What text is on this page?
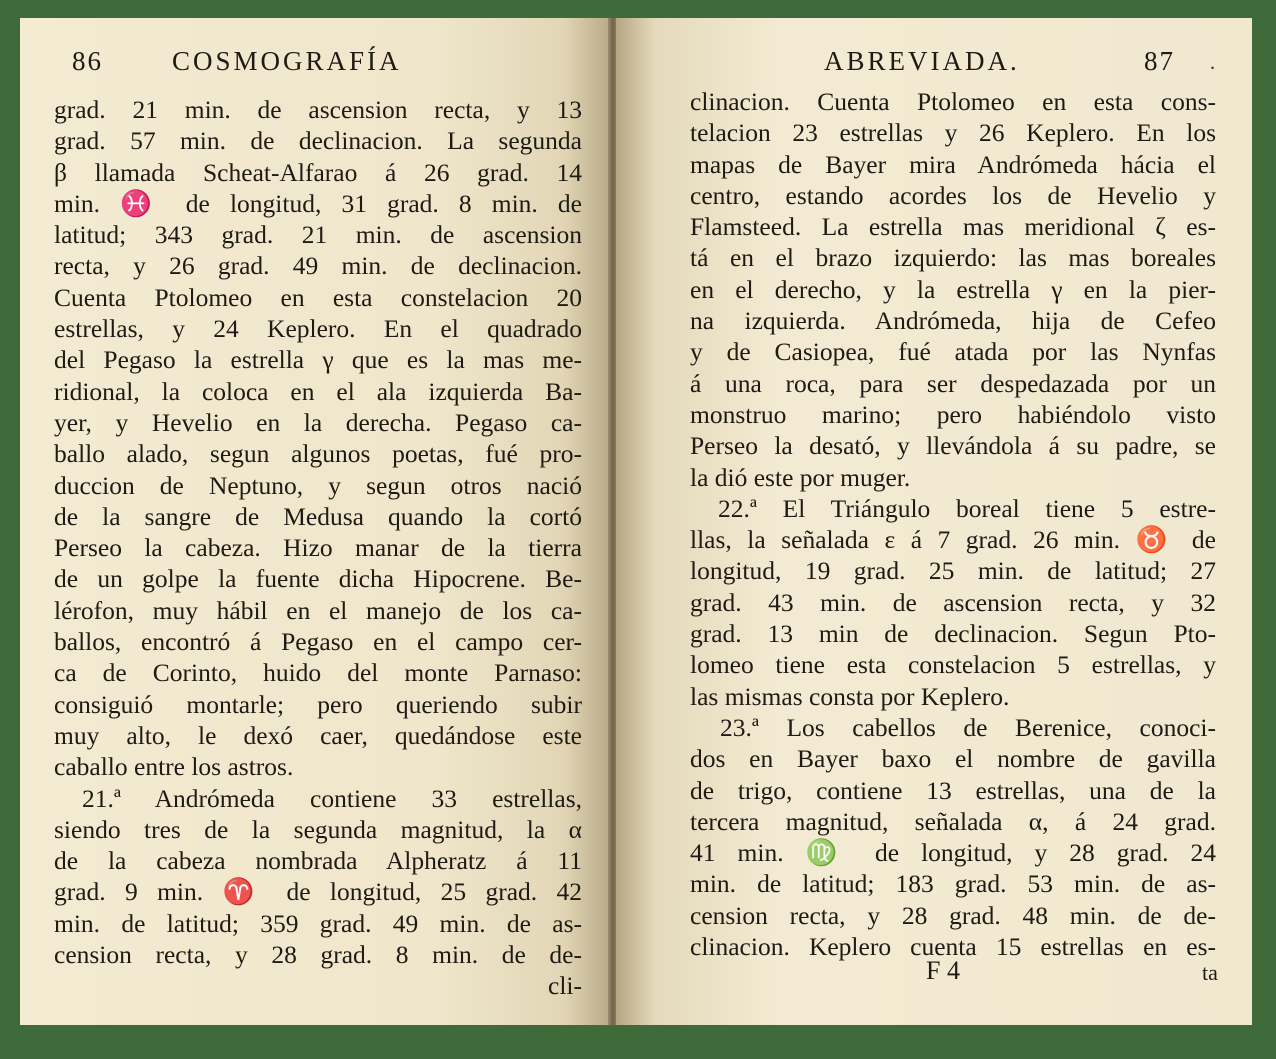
86	COSMOGRAFÍA
grad. 21 min. de ascension recta, y 13
grad. 57 min. de declinacion. La segunda
β llamada Scheat-Alfarao á 26 grad. 14
min. ♓ de longitud, 31 grad. 8 min. de
latitud; 343 grad. 21 min. de ascension
recta, y 26 grad. 49 min. de declinacion.
Cuenta Ptolomeo en esta constelacion 20
estrellas, y 24 Keplero. En el quadrado
del Pegaso la estrella γ que es la mas me-
ridional, la coloca en el ala izquierda Ba-
yer, y Hevelio en la derecha. Pegaso ca-
ballo alado, segun algunos poetas, fué pro-
duccion de Neptuno, y segun otros nació
de la sangre de Medusa quando la cortó
Perseo la cabeza. Hizo manar de la tierra
de un golpe la fuente dicha Hipocrene. Be-
lérofon, muy hábil en el manejo de los ca-
ballos, encontró á Pegaso en el campo cer-
ca de Corinto, huido del monte Parnaso:
consiguió montarle; pero queriendo subir
muy alto, le dexó caer, quedándose este
caballo entre los astros.
21.ª Andrómeda contiene 33 estrellas,
siendo tres de la segunda magnitud, la α
de la cabeza nombrada Alpheratz á 11
grad. 9 min. ♈ de longitud, 25 grad. 42
min. de latitud; 359 grad. 49 min. de as-
cension recta, y 28 grad. 8 min. de de-
cli-
ABREVIADA.	87 .
clinacion. Cuenta Ptolomeo en esta cons-
telacion 23 estrellas y 26 Keplero. En los
mapas de Bayer mira Andrómeda hácia el
centro, estando acordes los de Hevelio y
Flamsteed. La estrella mas meridional ζ es-
tá en el brazo izquierdo: las mas boreales
en el derecho, y la estrella γ en la pier-
na izquierda. Andrómeda, hija de Cefeo
y de Casiopea, fué atada por las Nynfas
á una roca, para ser despedazada por un
monstruo marino; pero habiéndolo visto
Perseo la desató, y llevándola á su padre, se
la dió este por muger.
22.ª El Triángulo boreal tiene 5 estre-
llas, la señalada ε á 7 grad. 26 min. ♉ de
longitud, 19 grad. 25 min. de latitud; 27
grad. 43 min. de ascension recta, y 32
grad. 13 min de declinacion. Segun Pto-
lomeo tiene esta constelacion 5 estrellas, y
las mismas consta por Keplero.
23.ª Los cabellos de Berenice, conoci-
dos en Bayer baxo el nombre de gavilla
de trigo, contiene 13 estrellas, una de la
tercera magnitud, señalada α, á 24 grad.
41 min. ♍ de longitud, y 28 grad. 24
min. de latitud; 183 grad. 53 min. de as-
cension recta, y 28 grad. 48 min. de de-
clinacion. Keplero cuenta 15 estrellas en es-
F 4	ta
